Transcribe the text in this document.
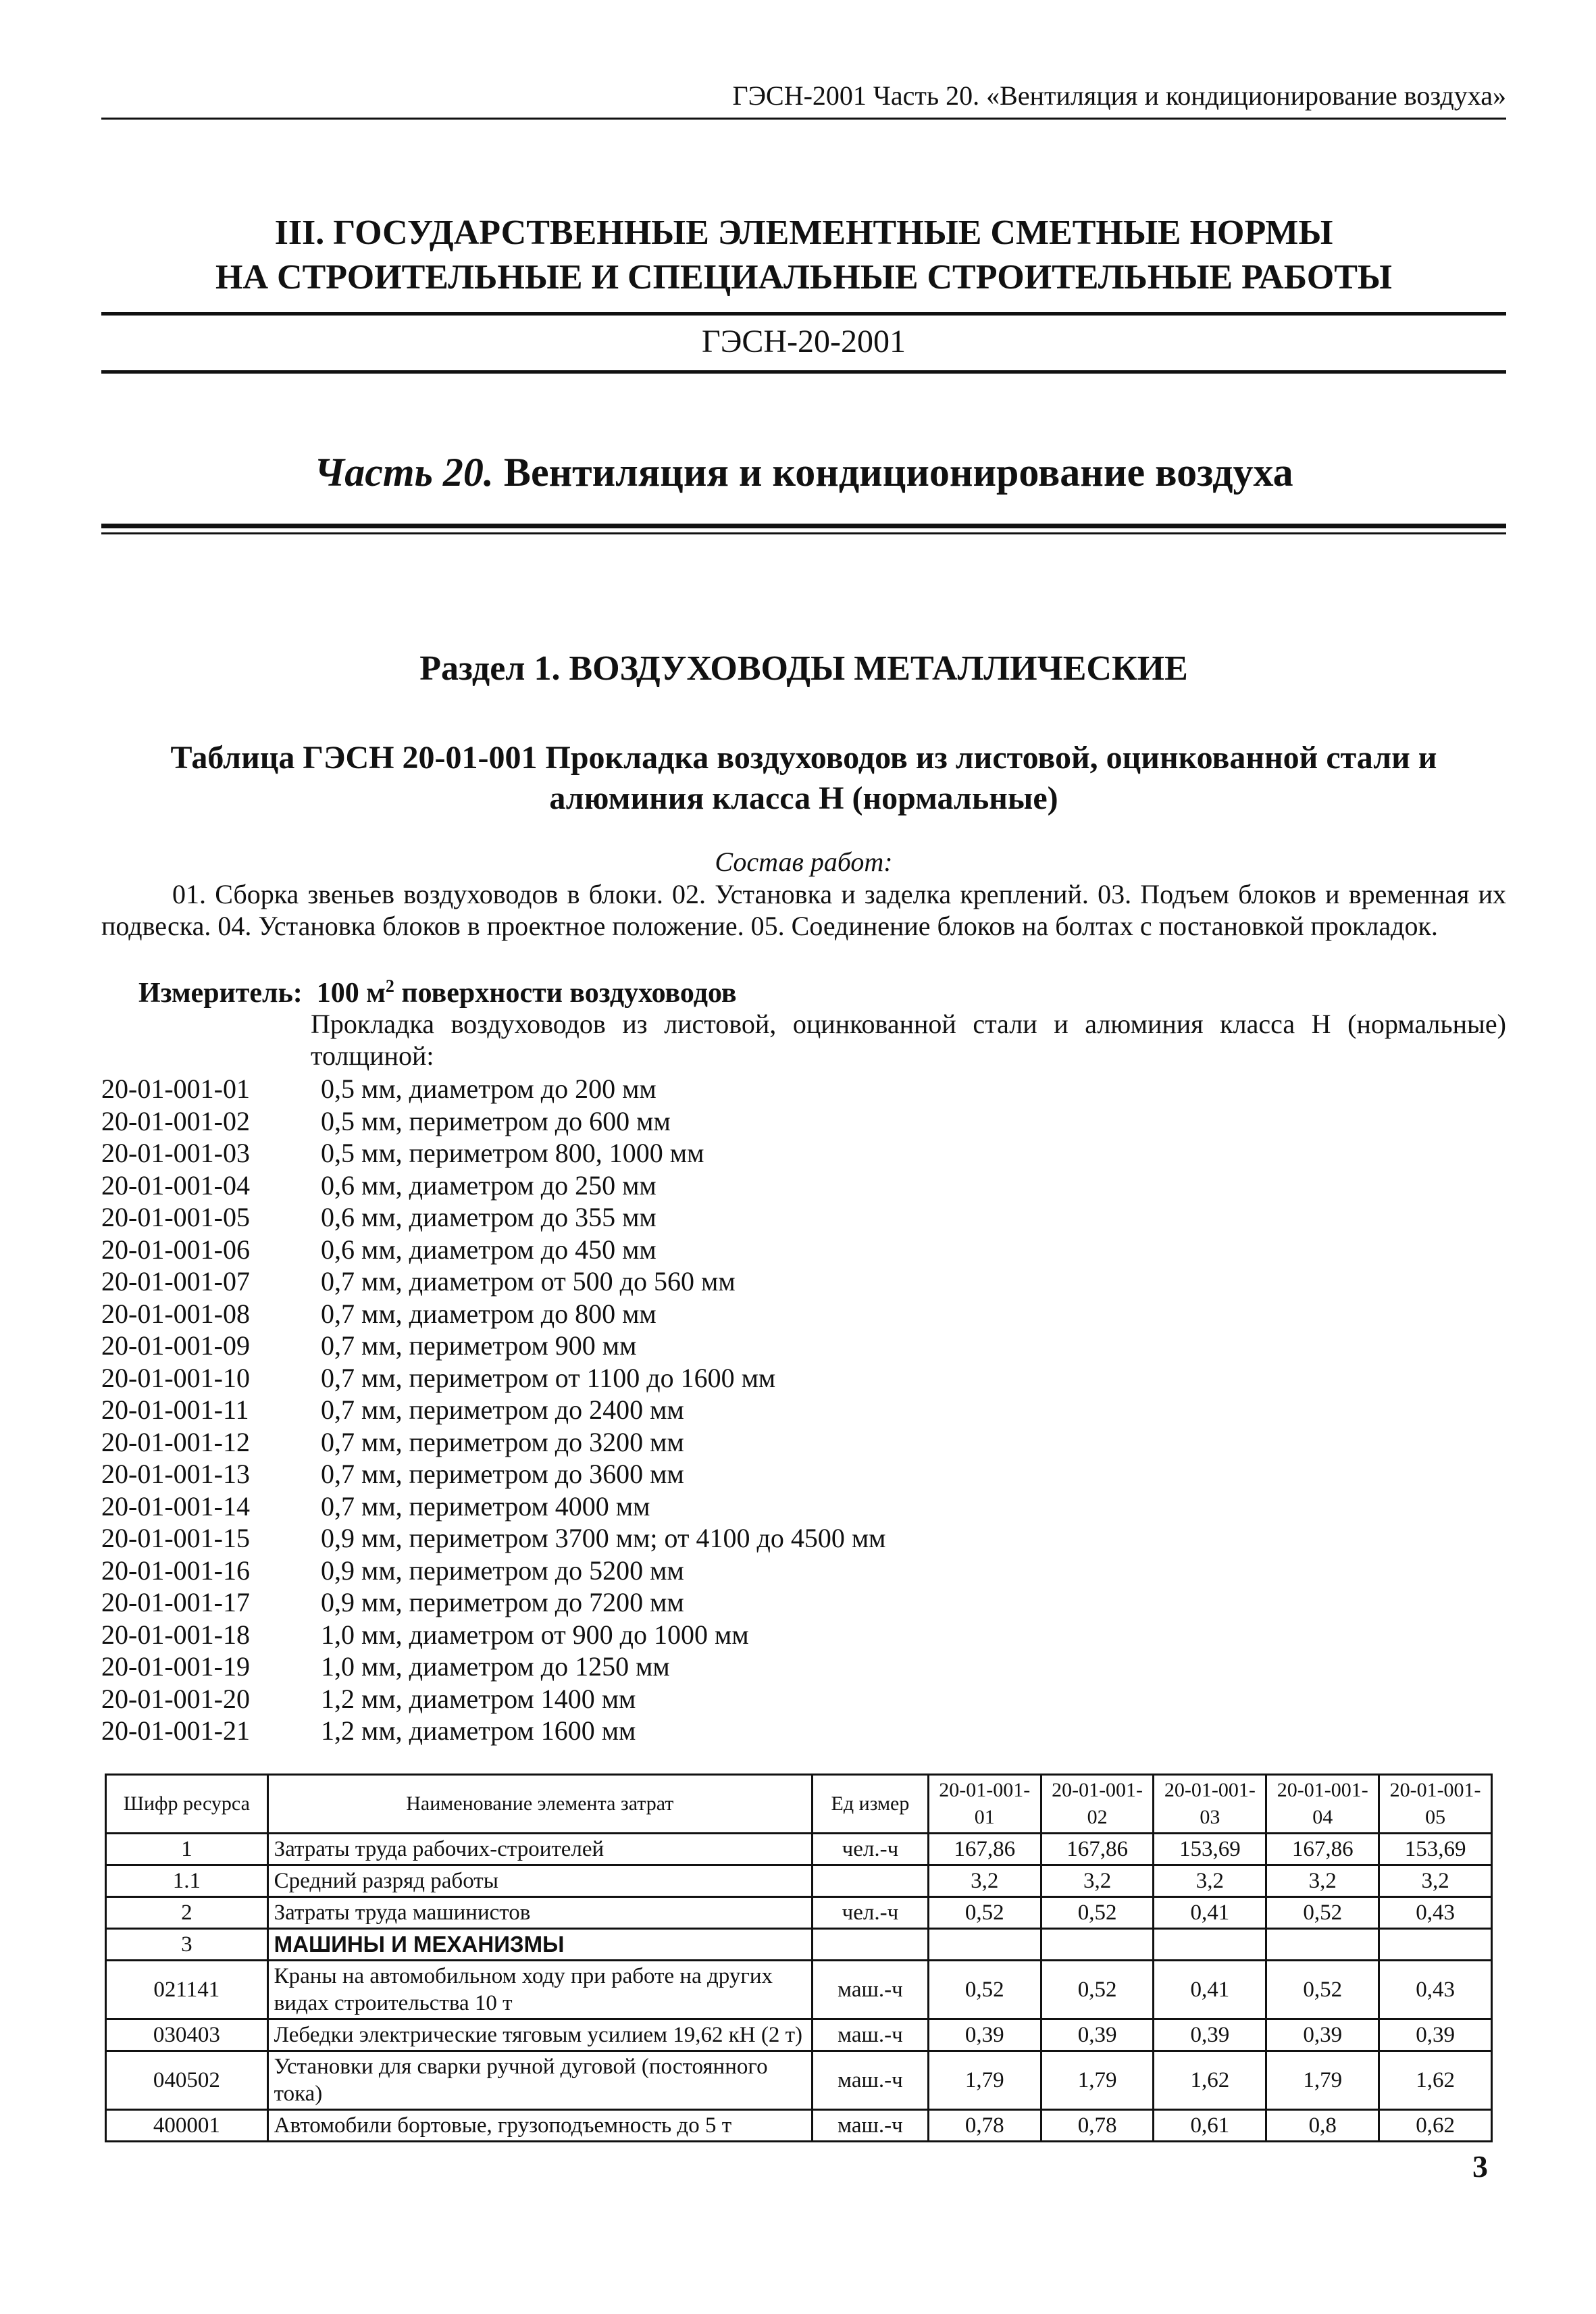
ГЭСН-2001 Часть 20. «Вентиляция и кондиционирование воздуха»
III. ГОСУДАРСТВЕННЫЕ ЭЛЕМЕНТНЫЕ СМЕТНЫЕ НОРМЫ
НА СТРОИТЕЛЬНЫЕ И СПЕЦИАЛЬНЫЕ СТРОИТЕЛЬНЫЕ РАБОТЫ
ГЭСН-20-2001
Часть 20. Вентиляция и кондиционирование воздуха
Раздел 1. ВОЗДУХОВОДЫ МЕТАЛЛИЧЕСКИЕ
Таблица ГЭСН 20-01-001 Прокладка воздуховодов из листовой, оцинкованной стали и
алюминия класса Н (нормальные)
Состав работ:
01. Сборка звеньев воздуховодов в блоки. 02. Установка и заделка креплений. 03. Подъем блоков и временная их подвеска. 04. Установка блоков в проектное положение. 05. Соединение блоков на болтах с постановкой прокладок.
Измеритель: 100 $м^2$ поверхности воздуховодов
Прокладка воздуховодов из листовой, оцинкованной стали и алюминия класса Н (нормальные) толщиной:
20-01-001-01	0,5 мм, диаметром до 200 мм
20-01-001-02	0,5 мм, периметром до 600 мм
20-01-001-03	0,5 мм, периметром 800, 1000 мм
20-01-001-04	0,6 мм, диаметром до 250 мм
20-01-001-05	0,6 мм, диаметром до 355 мм
20-01-001-06	0,6 мм, диаметром до 450 мм
20-01-001-07	0,7 мм, диаметром от 500 до 560 мм
20-01-001-08	0,7 мм, диаметром до 800 мм
20-01-001-09	0,7 мм, периметром 900 мм
20-01-001-10	0,7 мм, периметром от 1100 до 1600 мм
20-01-001-11	0,7 мм, периметром до 2400 мм
20-01-001-12	0,7 мм, периметром до 3200 мм
20-01-001-13	0,7 мм, периметром до 3600 мм
20-01-001-14	0,7 мм, периметром 4000 мм
20-01-001-15	0,9 мм, периметром 3700 мм; от 4100 до 4500 мм
20-01-001-16	0,9 мм, периметром до 5200 мм
20-01-001-17	0,9 мм, периметром до 7200 мм
20-01-001-18	1,0 мм, диаметром от 900 до 1000 мм
20-01-001-19	1,0 мм, диаметром до 1250 мм
20-01-001-20	1,2 мм, диаметром 1400 мм
20-01-001-21	1,2 мм, диаметром 1600 мм
Шифр ресурса	Наименование элемента затрат	Ед измер	20-01-001-01	20-01-001-02	20-01-001-03	20-01-001-04	20-01-001-05
1	Затраты труда рабочих-строителей	чел.-ч	167,86	167,86	153,69	167,86	153,69
1.1	Средний разряд работы		3,2	3,2	3,2	3,2	3,2
2	Затраты труда машинистов	чел.-ч	0,52	0,52	0,41	0,52	0,43
3	МАШИНЫ И МЕХАНИЗМЫ						
021141	Краны на автомобильном ходу при работе на других видах строительства 10 т	маш.-ч	0,52	0,52	0,41	0,52	0,43
030403	Лебедки электрические тяговым усилием 19,62 кН (2 т)	маш.-ч	0,39	0,39	0,39	0,39	0,39
040502	Установки для сварки ручной дуговой (постоянного тока)	маш.-ч	1,79	1,79	1,62	1,79	1,62
400001	Автомобили бортовые, грузоподъемность до 5 т	маш.-ч	0,78	0,78	0,61	0,8	0,62
3
